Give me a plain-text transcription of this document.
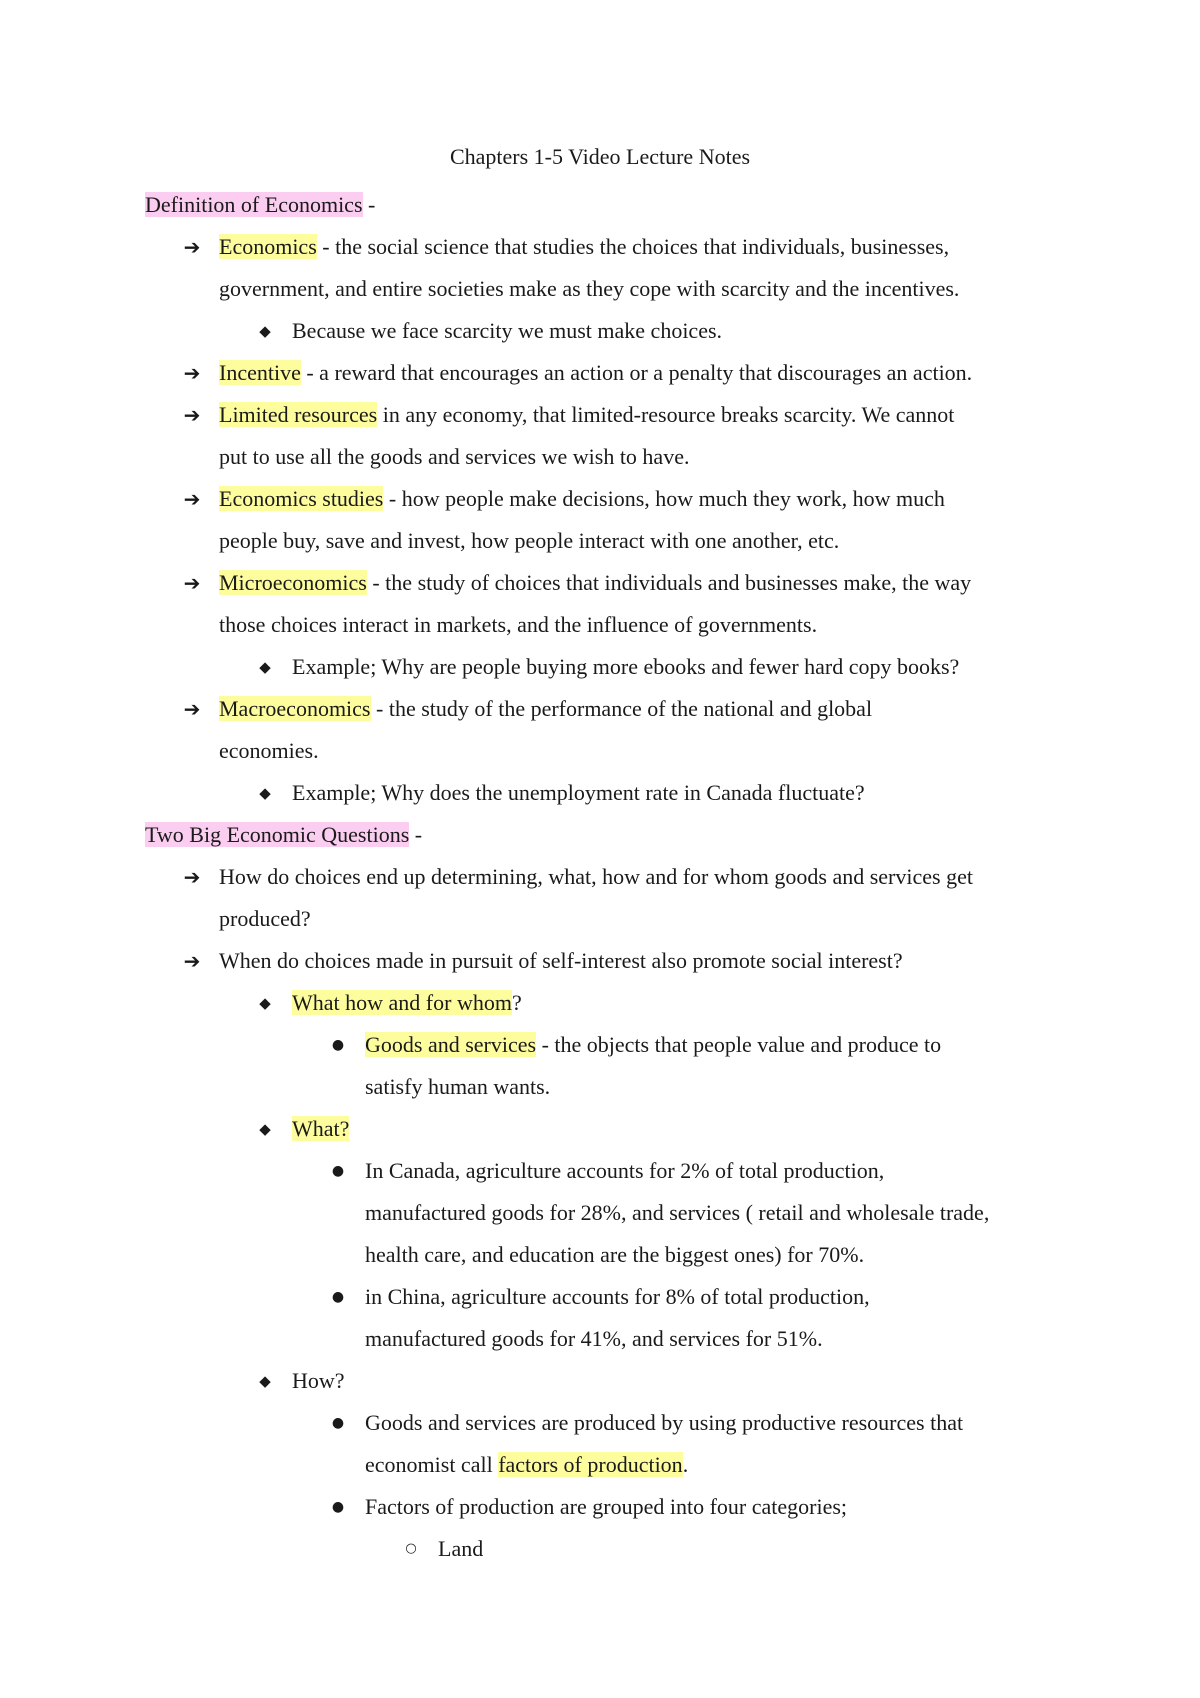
Chapters 1-5 Video Lecture Notes
Definition of Economics -
➔ Economics - the social science that studies the choices that individuals, businesses,
government, and entire societies make as they cope with scarcity and the incentives.
◆ Because we face scarcity we must make choices.
➔ Incentive - a reward that encourages an action or a penalty that discourages an action.
➔ Limited resources in any economy, that limited-resource breaks scarcity. We cannot
put to use all the goods and services we wish to have.
➔ Economics studies - how people make decisions, how much they work, how much
people buy, save and invest, how people interact with one another, etc.
➔ Microeconomics - the study of choices that individuals and businesses make, the way
those choices interact in markets, and the influence of governments.
◆ Example; Why are people buying more ebooks and fewer hard copy books?
➔ Macroeconomics - the study of the performance of the national and global
economies.
◆ Example; Why does the unemployment rate in Canada fluctuate?
Two Big Economic Questions -
➔ How do choices end up determining, what, how and for whom goods and services get
produced?
➔ When do choices made in pursuit of self-interest also promote social interest?
◆ What how and for whom?
● Goods and services - the objects that people value and produce to
satisfy human wants.
◆ What?
● In Canada, agriculture accounts for 2% of total production,
manufactured goods for 28%, and services ( retail and wholesale trade,
health care, and education are the biggest ones) for 70%.
● in China, agriculture accounts for 8% of total production,
manufactured goods for 41%, and services for 51%.
◆ How?
● Goods and services are produced by using productive resources that
economist call factors of production.
● Factors of production are grouped into four categories;
○ Land
